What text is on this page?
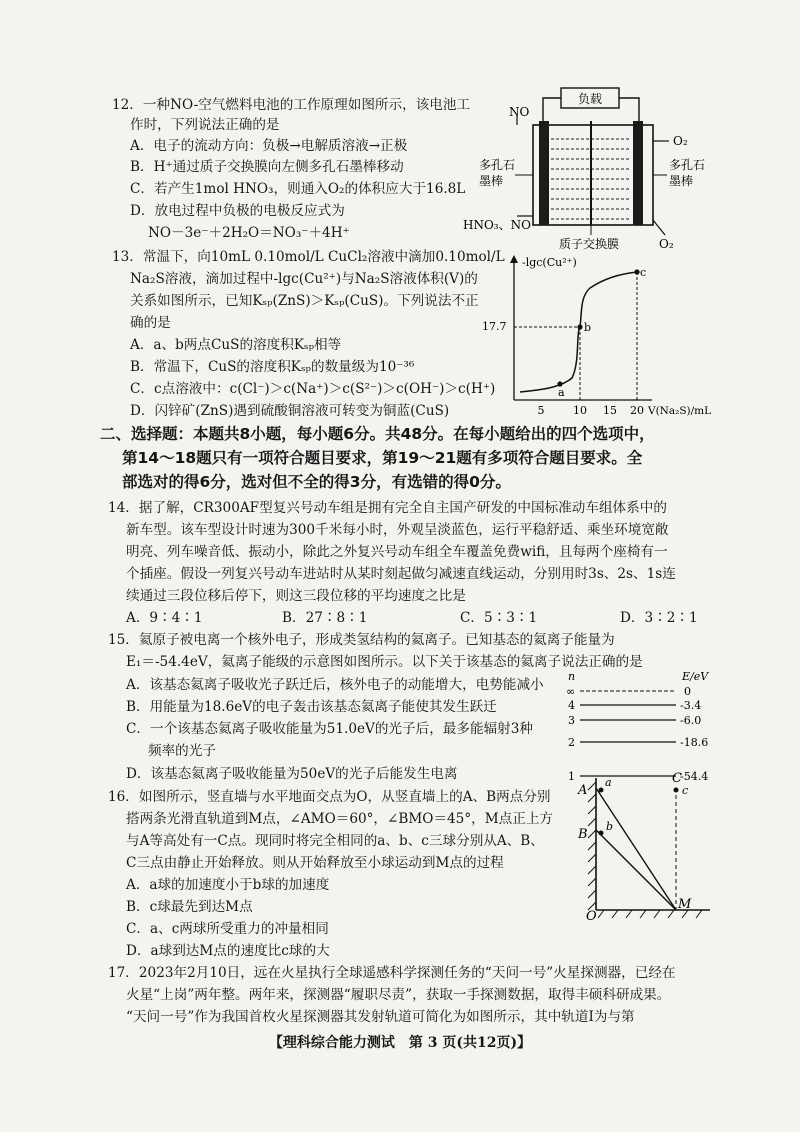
12．一种NO-空气燃料电池的工作原理如图所示，该电池工
作时，下列说法正确的是
A．电子的流动方向：负极→电解质溶液→正极
B．H⁺通过质子交换膜向左侧多孔石墨棒移动
C．若产生1mol HNO₃，则通入O₂的体积应大于16.8L
D．放电过程中负极的电极反应式为
NO－3e⁻＋2H₂O＝NO₃⁻＋4H⁺
负载
NO
O₂
多孔石
墨棒
多孔石
墨棒
HNO₃、NO
质子交换膜	O₂
13．常温下，向10mL 0.10mol/L CuCl₂溶液中滴加0.10mol/L
Na₂S溶液，滴加过程中-lgc(Cu²⁺)与Na₂S溶液体积(V)的
关系如图所示，已知Kₛₚ(ZnS)＞Kₛₚ(CuS)。下列说法不正
确的是
A．a、b两点CuS的溶度积Kₛₚ相等
B．常温下，CuS的溶度积Kₛₚ的数量级为10⁻³⁶
C．c点溶液中：c(Cl⁻)＞c(Na⁺)＞c(S²⁻)＞c(OH⁻)＞c(H⁺)
D．闪锌矿(ZnS)遇到硫酸铜溶液可转变为铜蓝(CuS)
-lgc(Cu²⁺)
17.7
a
b
c
5	10 15 20 V(Na₂S)/mL
二、选择题：本题共8小题，每小题6分。共48分。在每小题给出的四个选项中，
第14～18题只有一项符合题目要求，第19～21题有多项符合题目要求。全
部选对的得6分，选对但不全的得3分，有选错的得0分。
14．据了解，CR300AF型复兴号动车组是拥有完全自主国产研发的中国标准动车组体系中的
新车型。该车型设计时速为300千米每小时，外观呈淡蓝色，运行平稳舒适、乘坐环境宽敞
明亮、列车噪音低、振动小，除此之外复兴号动车组全车覆盖免费wifi，且每两个座椅有一
个插座。假设一列复兴号动车进站时从某时刻起做匀减速直线运动，分别用时3s、2s、1s连
续通过三段位移后停下，则这三段位移的平均速度之比是
A．9∶4∶1	B．27∶8∶1	C．5∶3∶1	D．3∶2∶1
15．氦原子被电离一个核外电子，形成类氢结构的氦离子。已知基态的氦离子能量为
E₁＝-54.4eV，氦离子能级的示意图如图所示。以下关于该基态的氦离子说法正确的是
A．该基态氦离子吸收光子跃迁后，核外电子的动能增大，电势能减小
B．用能量为18.6eV的电子轰击该基态氦离子能使其发生跃迁
C．一个该基态氦离子吸收能量为51.0eV的光子后，最多能辐射3种
频率的光子
D．该基态氦离子吸收能量为50eV的光子后能发生电离
n	E/eV
∞	0
4	-3.4
3	-6.0
2	-18.6
1	-54.4
16．如图所示，竖直墙与水平地面交点为O，从竖直墙上的A、B两点分别
搭两条光滑直轨道到M点，∠AMO＝60°，∠BMO＝45°，M点正上方
与A等高处有一C点。现同时将完全相同的a、b、c三球分别从A、B、
C三点由静止开始释放。则从开始释放至小球运动到M点的过程
A．a球的加速度小于b球的加速度
B．c球最先到达M点
C．a、c两球所受重力的冲量相同
D．a球到达M点的速度比c球的大
A
B
C
O
M
a
b
c
17．2023年2月10日，远在火星执行全球遥感科学探测任务的“天问一号”火星探测器，已经在
火星“上岗”两年整。两年来，探测器“履职尽责”，获取一手探测数据，取得丰硕科研成果。
“天问一号”作为我国首枚火星探测器其发射轨道可简化为如图所示，其中轨道Ⅰ为与第
【理科综合能力测试　第 3 页(共12页)】
